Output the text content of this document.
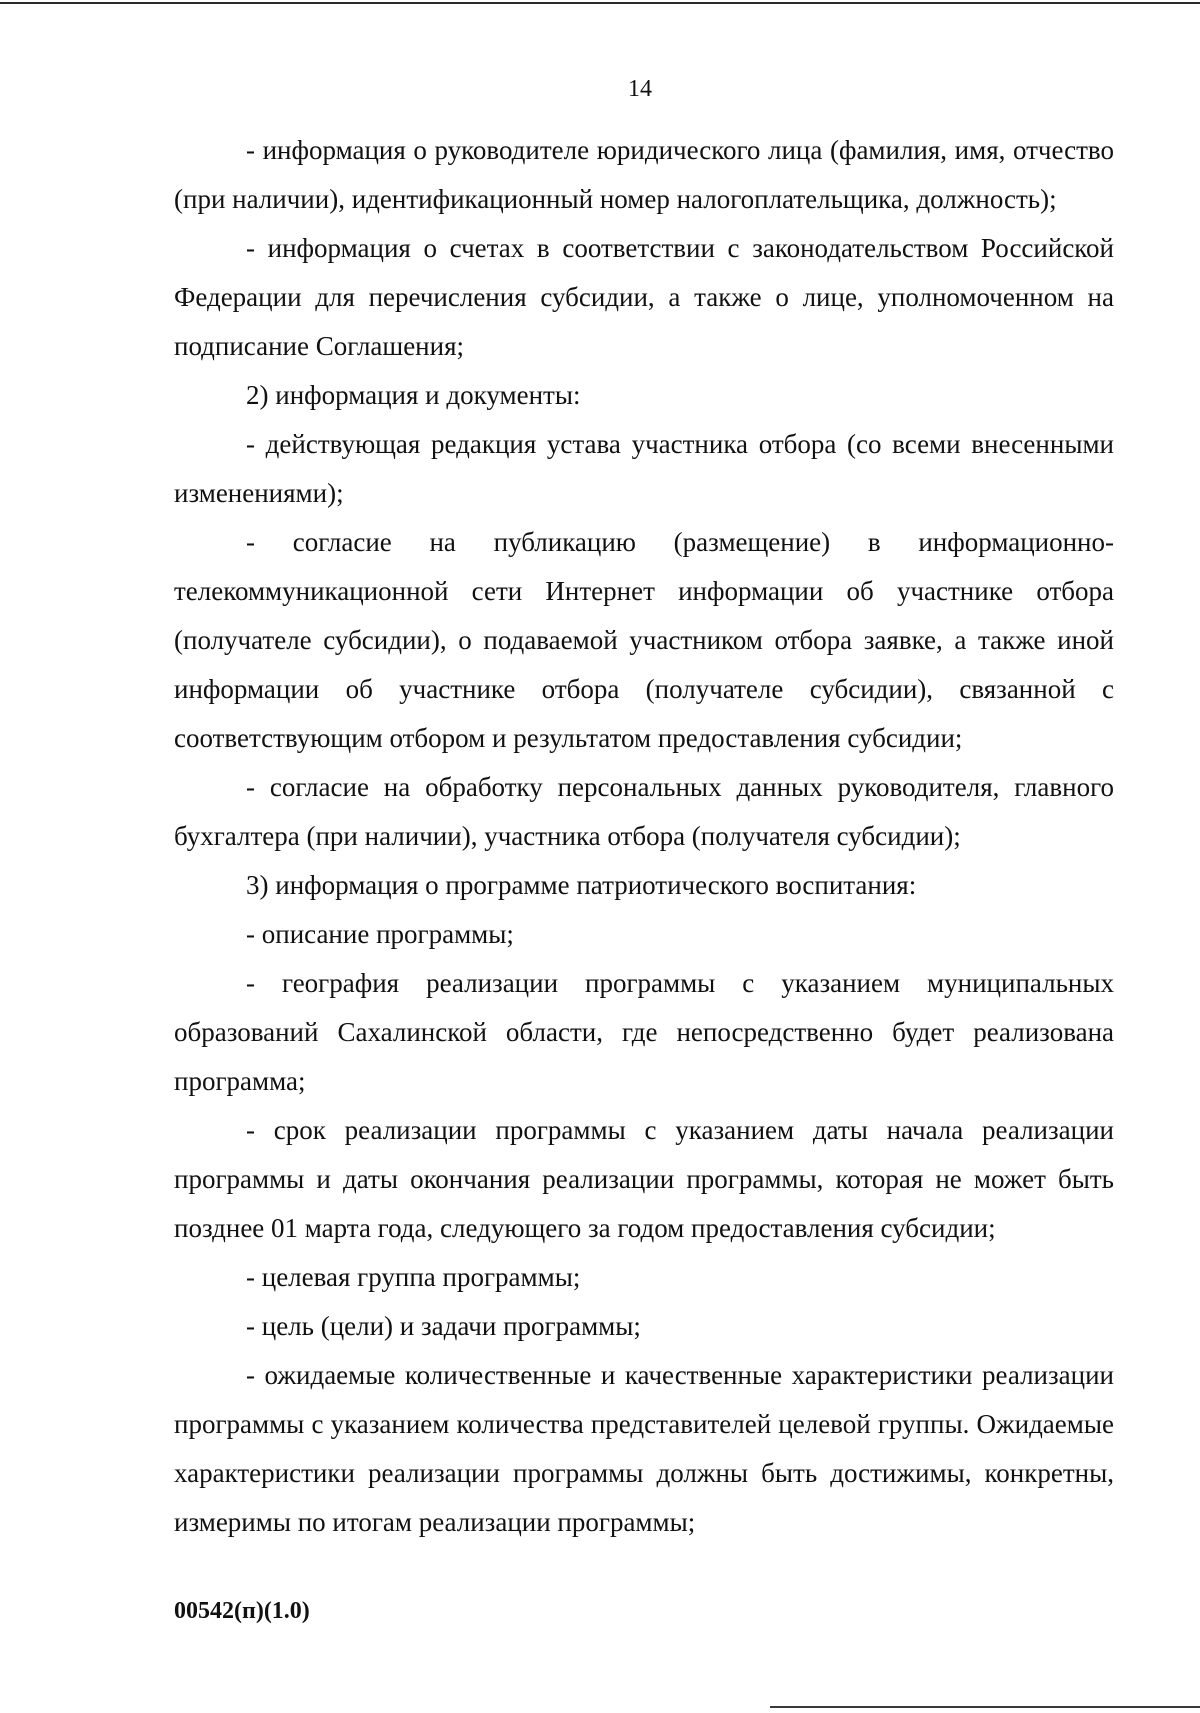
14

- информация о руководителе юридического лица (фамилия, имя, отчество (при наличии), идентификационный номер налогоплательщика, должность);

- информация о счетах в соответствии с законодательством Российской Федерации для перечисления субсидии, а также о лице, уполномоченном на подписание Соглашения;

2) информация и документы:

- действующая редакция устава участника отбора (со всеми внесенными изменениями);

- согласие на публикацию (размещение) в информационно-телекоммуникационной сети Интернет информации об участнике отбора (получателе субсидии), о подаваемой участником отбора заявке, а также иной информации об участнике отбора (получателе субсидии), связанной с соответствующим отбором и результатом предоставления субсидии;

- согласие на обработку персональных данных руководителя, главного бухгалтера (при наличии), участника отбора (получателя субсидии);

3) информация о программе патриотического воспитания:

- описание программы;

- география реализации программы с указанием муниципальных образований Сахалинской области, где непосредственно будет реализована программа;

- срок реализации программы с указанием даты начала реализации программы и даты окончания реализации программы, которая не может быть позднее 01 марта года, следующего за годом предоставления субсидии;

- целевая группа программы;

- цель (цели) и задачи программы;

- ожидаемые количественные и качественные характеристики реализации программы с указанием количества представителей целевой группы. Ожидаемые характеристики реализации программы должны быть достижимы, конкретны, измеримы по итогам реализации программы;

00542(п)(1.0)
